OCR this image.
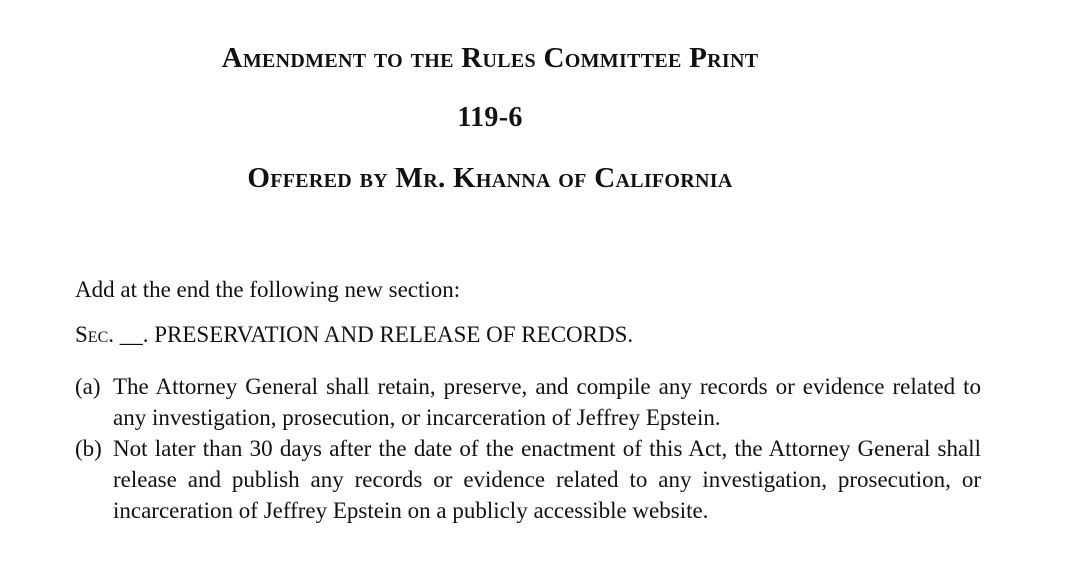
Amendment to the Rules Committee Print
119-6
Offered by Mr. Khanna of California
Add at the end the following new section:
Sec. __. PRESERVATION AND RELEASE OF RECORDS.
(a) The Attorney General shall retain, preserve, and compile any records or evidence related to any investigation, prosecution, or incarceration of Jeffrey Epstein.
(b) Not later than 30 days after the date of the enactment of this Act, the Attorney General shall release and publish any records or evidence related to any investigation, prosecution, or incarceration of Jeffrey Epstein on a publicly accessible website.
